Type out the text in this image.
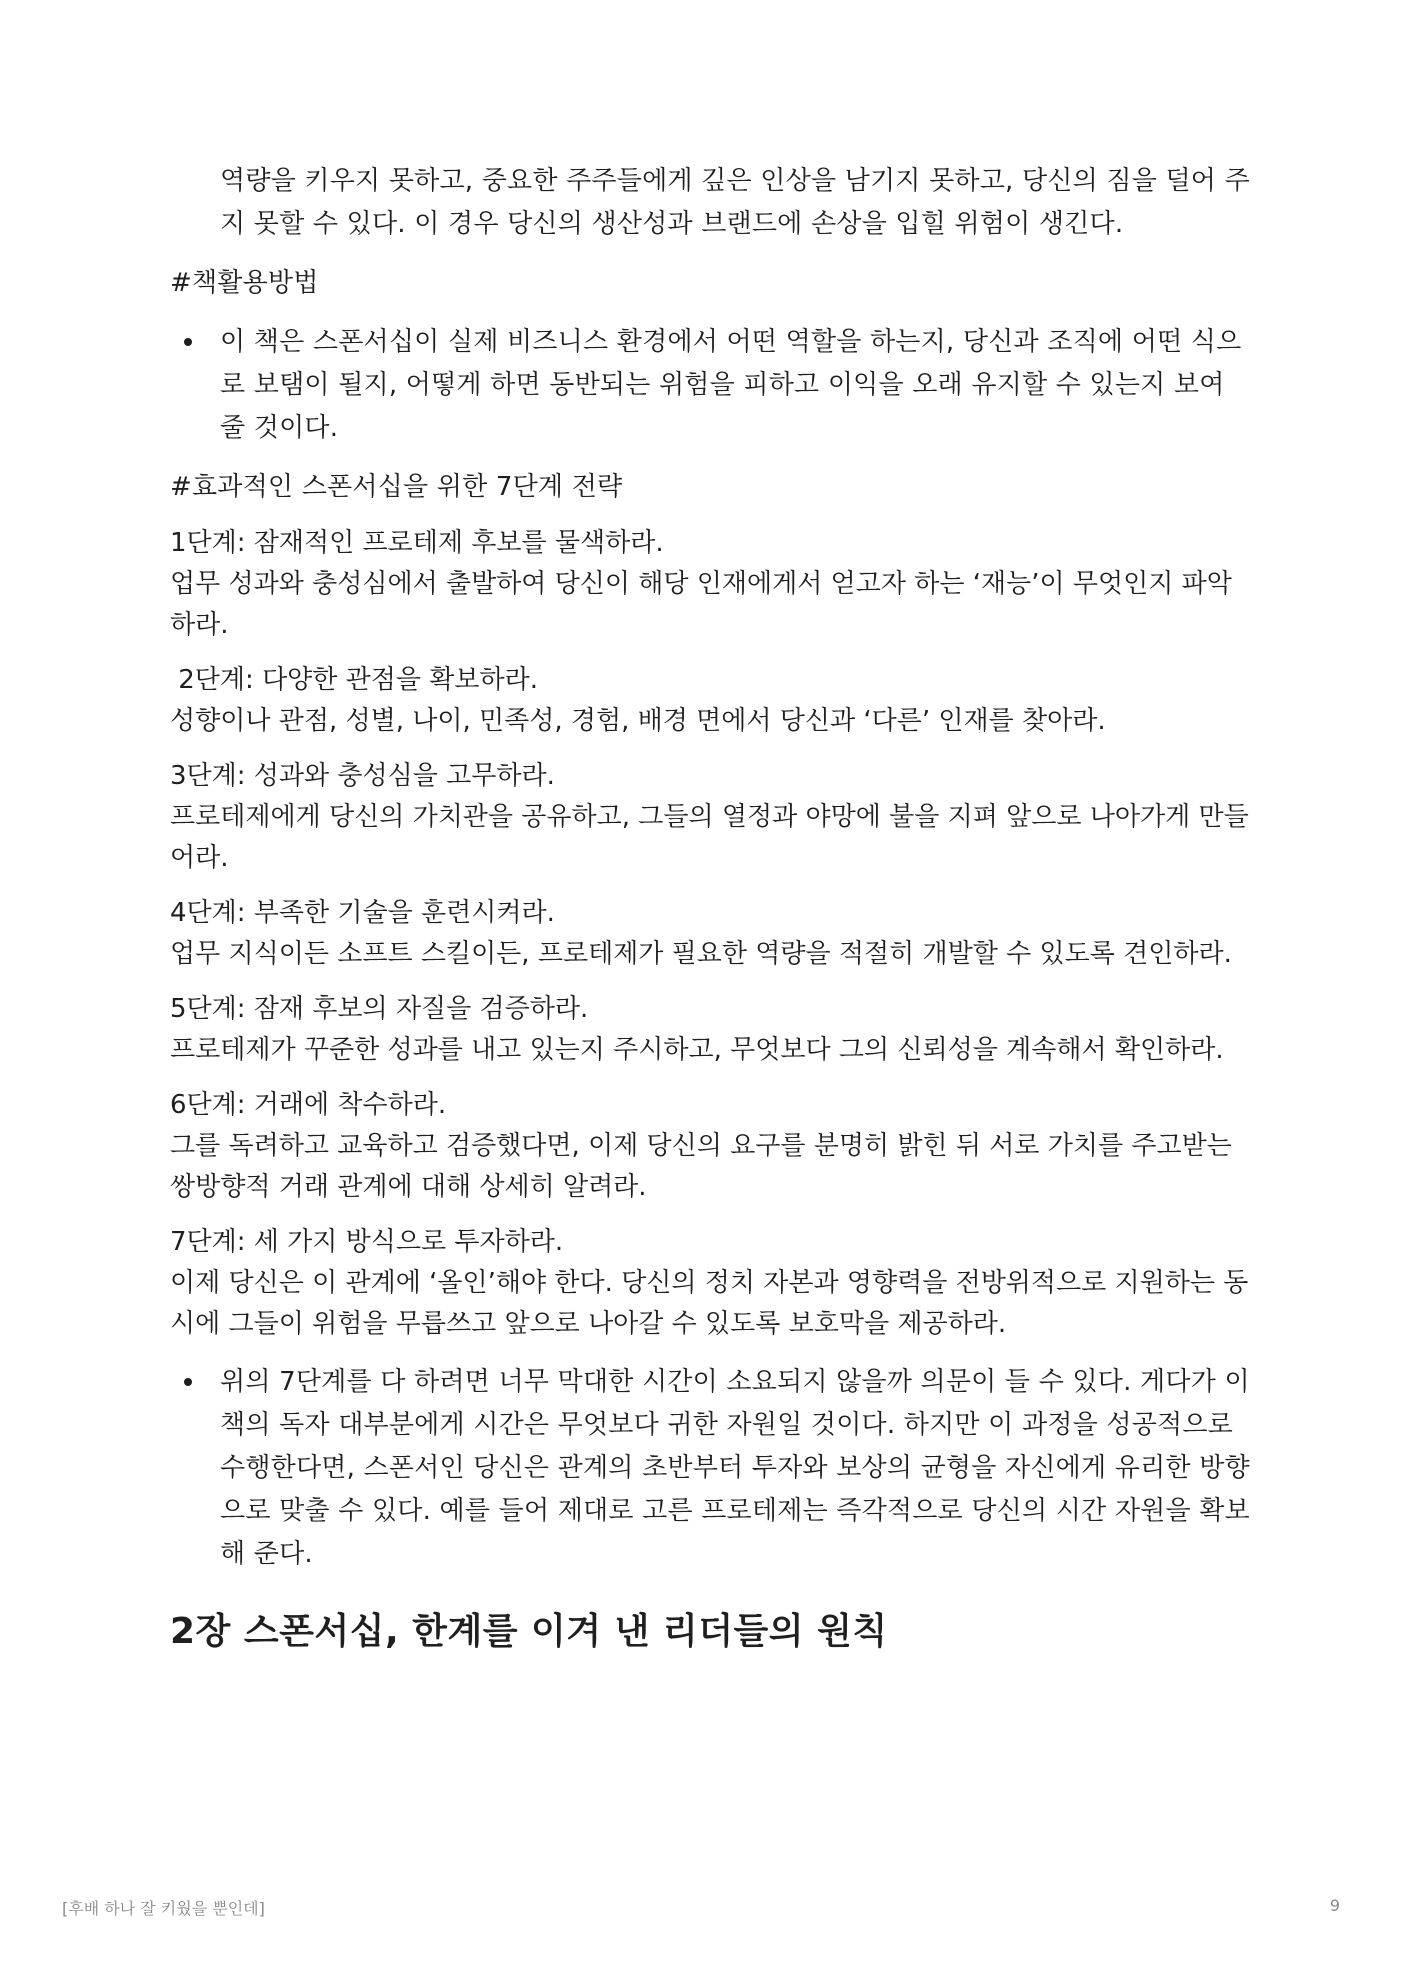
역량을 키우지 못하고, 중요한 주주들에게 깊은 인상을 남기지 못하고, 당신의 짐을 덜어 주지 못할 수 있다. 이 경우 당신의 생산성과 브랜드에 손상을 입힐 위험이 생긴다.

#책활용방법

이 책은 스폰서십이 실제 비즈니스 환경에서 어떤 역할을 하는지, 당신과 조직에 어떤 식으로 보탬이 될지, 어떻게 하면 동반되는 위험을 피하고 이익을 오래 유지할 수 있는지 보여 줄 것이다.

#효과적인 스폰서십을 위한 7단계 전략

1단계: 잠재적인 프로테제 후보를 물색하라.

업무 성과와 충성심에서 출발하여 당신이 해당 인재에게서 얻고자 하는 ‘재능’이 무엇인지 파악하라.

2단계: 다양한 관점을 확보하라.

성향이나 관점, 성별, 나이, 민족성, 경험, 배경 면에서 당신과 ‘다른’ 인재를 찾아라.

3단계: 성과와 충성심을 고무하라.

프로테제에게 당신의 가치관을 공유하고, 그들의 열정과 야망에 불을 지펴 앞으로 나아가게 만들어라.

4단계: 부족한 기술을 훈련시켜라.

업무 지식이든 소프트 스킬이든, 프로테제가 필요한 역량을 적절히 개발할 수 있도록 견인하라.

5단계: 잠재 후보의 자질을 검증하라.

프로테제가 꾸준한 성과를 내고 있는지 주시하고, 무엇보다 그의 신뢰성을 계속해서 확인하라.

6단계: 거래에 착수하라.

그를 독려하고 교육하고 검증했다면, 이제 당신의 요구를 분명히 밝힌 뒤 서로 가치를 주고받는 쌍방향적 거래 관계에 대해 상세히 알려라.

7단계: 세 가지 방식으로 투자하라.

이제 당신은 이 관계에 ‘올인’해야 한다. 당신의 정치 자본과 영향력을 전방위적으로 지원하는 동시에 그들이 위험을 무릅쓰고 앞으로 나아갈 수 있도록 보호막을 제공하라.

위의 7단계를 다 하려면 너무 막대한 시간이 소요되지 않을까 의문이 들 수 있다. 게다가 이 책의 독자 대부분에게 시간은 무엇보다 귀한 자원일 것이다. 하지만 이 과정을 성공적으로 수행한다면, 스폰서인 당신은 관계의 초반부터 투자와 보상의 균형을 자신에게 유리한 방향으로 맞출 수 있다. 예를 들어 제대로 고른 프로테제는 즉각적으로 당신의 시간 자원을 확보해 준다.

2장 스폰서십, 한계를 이겨 낸 리더들의 원칙
[후배 하나 잘 키웠을 뿐인데]	9
